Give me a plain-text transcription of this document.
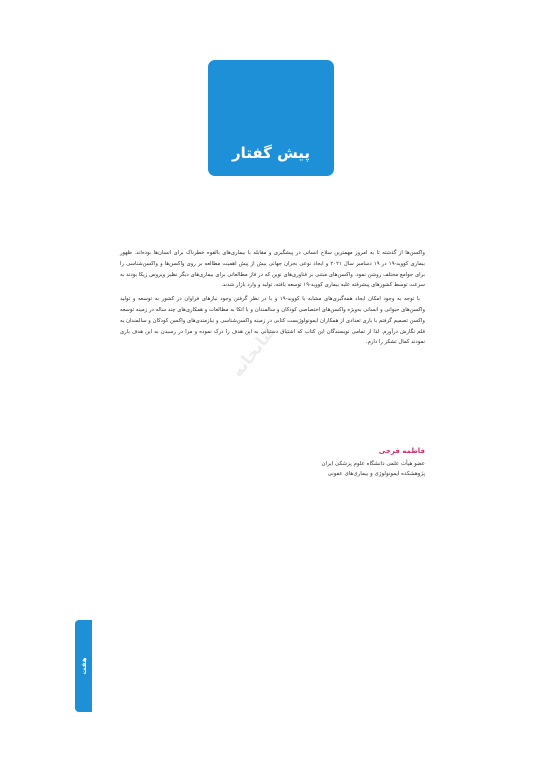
پیش گفتار

واکسن‌ها از گذشته تا به امروز مهمترین سلاح انسانی در پیشگیری و مقابله با بیماری‌های بالقوه خطرناک برای انسان‌ها بوده‌اند. ظهور بیماری کووید-۱۹ در ۱۹ دسامبر سال ۲۰۲۱ و ایجاد نوعی بحران جهانی بیش از پیش اهمیت مطالعه بر روی واکسن‌ها و واکسن‌شناسی را برای جوامع مختلف روشن نمود. واکسن‌های مبتنی بر فناوری‌های نوین که در فاز مطالعاتی برای بیماری‌های دیگر نظیر ویروس زیکا بودند به سرعت توسط کشورهای پیشرفته علیه بیماری کووید-۱۹ توسعه یافته، تولید و وارد بازار شدند.

با توجه به وجود امکان ایجاد همه‌گیری‌های مشابه با کووید-۱۹ و با در نظر گرفتن وجود نیازهای فراوان در کشور به توسعه و تولید واکسن‌های حیوانی و انسانی به‌ویژه واکسن‌های اختصاصی کودکان و سالمندان و با اتکا به مطالعات و همکاری‌های چند ساله در زمینه توسعه واکسن تصمیم گرفتم با یاری تعدادی از همکاران ایمونولوژیست کتابی در زمینه واکسن‌شناسی و نیازمندی‌های واکسن کودکان و سالمندان به قلم نگارش درآورم. لذا از تمامی نویسندگان این کتاب که اشتیاق دستیابی به این هدف را درک نموده و مرا در رسیدن به این هدف یاری نمودند کمال تشکر را دارم.

کتابخانه
فاطمه فرجی
عضو هیأت علمی دانشگاه علوم پزشکی ایران
پژوهشکده ایمونولوژی و بیماری‌های عفونی
هفت
